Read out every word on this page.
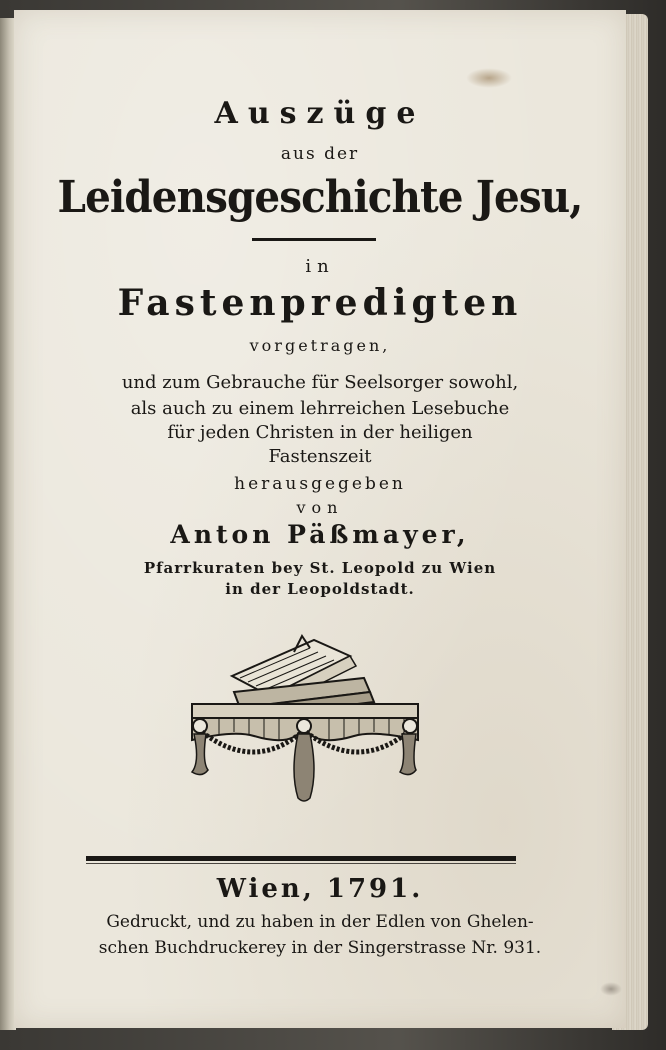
Auszüge

aus der

Leidensgeschichte Jesu,

in

Fastenpredigten

vorgetragen,

und zum Gebrauche für Seelsorger sowohl,

als auch zu einem lehrreichen Lesebuche

für jeden Christen in der heiligen

Fastenszeit

herausgegeben

von

Anton Päßmayer,

Pfarrkuraten bey St. Leopold zu Wien

in der Leopoldstadt.

Wien, 1791.

Gedruckt, und zu haben in der Edlen von Ghelen-

schen Buchdruckerey in der Singerstrasse Nr. 931.
